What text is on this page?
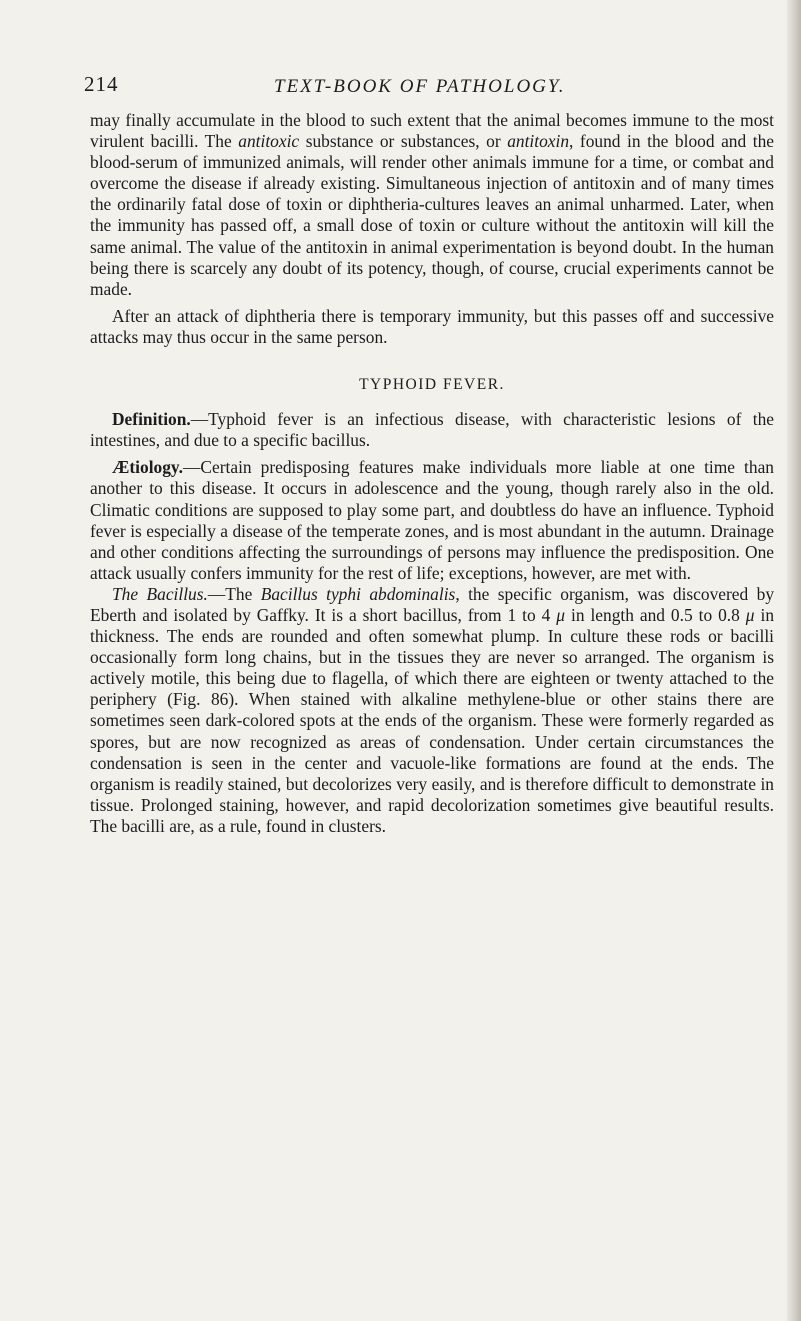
214	TEXT-BOOK OF PATHOLOGY.

may finally accumulate in the blood to such extent that the animal becomes immune to the most virulent bacilli. The antitoxic substance or substances, or antitoxin, found in the blood and the blood-serum of immunized animals, will render other animals immune for a time, or combat and overcome the disease if already existing. Simultaneous injection of antitoxin and of many times the ordinarily fatal dose of toxin or diphtheria-cultures leaves an animal unharmed. Later, when the immunity has passed off, a small dose of toxin or culture without the antitoxin will kill the same animal. The value of the antitoxin in animal experimentation is beyond doubt. In the human being there is scarcely any doubt of its potency, though, of course, crucial experiments cannot be made.

After an attack of diphtheria there is temporary immunity, but this passes off and successive attacks may thus occur in the same person.

TYPHOID FEVER.

Definition.—Typhoid fever is an infectious disease, with characteristic lesions of the intestines, and due to a specific bacillus.

Ætiology.—Certain predisposing features make individuals more liable at one time than another to this disease. It occurs in adolescence and the young, though rarely also in the old. Climatic conditions are supposed to play some part, and doubtless do have an influence. Typhoid fever is especially a disease of the temperate zones, and is most abundant in the autumn. Drainage and other conditions affecting the surroundings of persons may influence the predisposition. One attack usually confers immunity for the rest of life; exceptions, however, are met with.

The Bacillus.—The Bacillus typhi abdominalis, the specific organism, was discovered by Eberth and isolated by Gaffky. It is a short bacillus, from 1 to 4 μ in length and 0.5 to 0.8 μ in thickness. The ends are rounded and often somewhat plump. In culture these rods or bacilli occasionally form long chains, but in the tissues they are never so arranged. The organism is actively motile, this being due to flagella, of which there are eighteen or twenty attached to the periphery (Fig. 86). When stained with alkaline methylene-blue or other stains there are sometimes seen dark-colored spots at the ends of the organism. These were formerly regarded as spores, but are now recognized as areas of condensation. Under certain circumstances the condensation is seen in the center and vacuole-like formations are found at the ends. The organism is readily stained, but decolorizes very easily, and is therefore difficult to demonstrate in tissue. Prolonged staining, however, and rapid decolorization sometimes give beautiful results. The bacilli are, as a rule, found in clusters.
